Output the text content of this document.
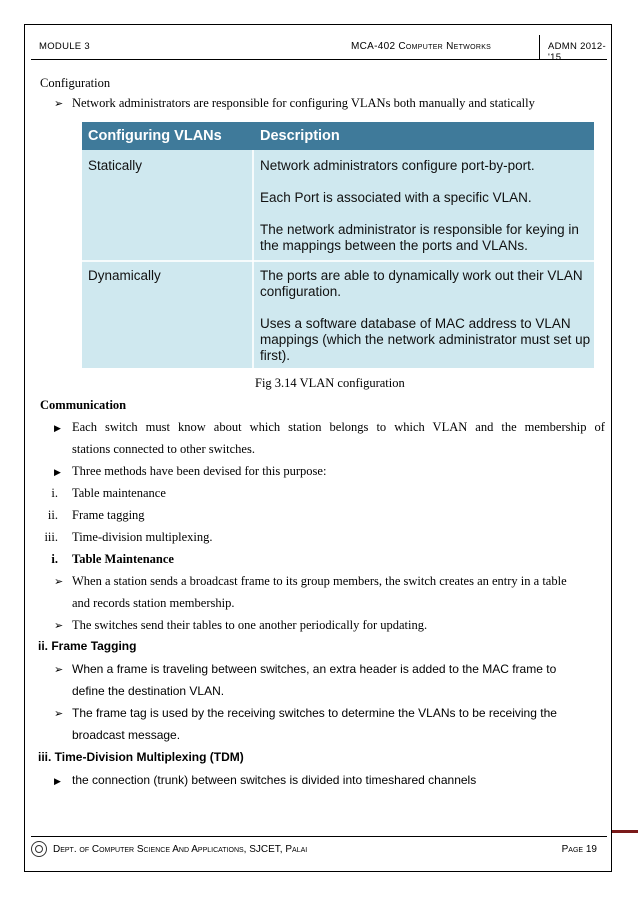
MODULE 3	MCA-402 Computer Networks	ADMN 2012-'15
Configuration
➢ Network administrators are responsible for configuring VLANs both manually and statically
Configuring VLANs	Description
Statically	Network administrators configure port-by-port.
Each Port is associated with a specific VLAN.
The network administrator is responsible for keying in
the mappings between the ports and VLANs.
Dynamically	The ports are able to dynamically work out their VLAN
configuration.
Uses a software database of MAC address to VLAN
mappings (which the network administrator must set up
first).
Fig 3.14 VLAN configuration
Communication
▶ Each switch must know about which station belongs to which VLAN and the membership of
stations connected to other switches.
▶ Three methods have been devised for this purpose:
i. Table maintenance
ii. Frame tagging
iii. Time-division multiplexing.
i. Table Maintenance
➢ When a station sends a broadcast frame to its group members, the switch creates an entry in a table
and records station membership.
➢ The switches send their tables to one another periodically for updating.
ii. Frame Tagging
➢ When a frame is traveling between switches, an extra header is added to the MAC frame to
define the destination VLAN.
➢ The frame tag is used by the receiving switches to determine the VLANs to be receiving the
broadcast message.
iii. Time-Division Multiplexing (TDM)
▶ the connection (trunk) between switches is divided into timeshared channels
Dept. of Computer Science And Applications, SJCET, Palai	Page 19
